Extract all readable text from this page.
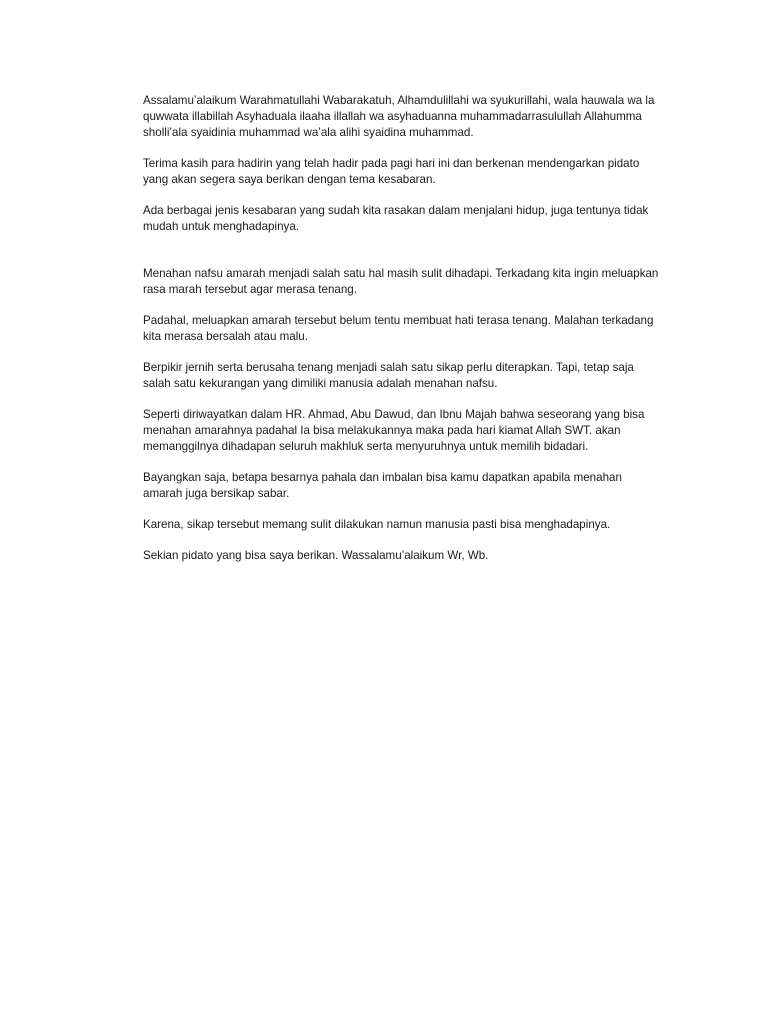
Assalamu’alaikum Warahmatullahi Wabarakatuh, Alhamdulillahi wa syukurillahi, wala hauwala wa la quwwata illabillah Asyhaduala ilaaha illallah wa asyhaduanna muhammadarrasulullah Allahumma sholli’ala syaidinia muhammad wa’ala alihi syaidina muhammad.

Terima kasih para hadirin yang telah hadir pada pagi hari ini dan berkenan mendengarkan pidato yang akan segera saya berikan dengan tema kesabaran.

Ada berbagai jenis kesabaran yang sudah kita rasakan dalam menjalani hidup, juga tentunya tidak mudah untuk menghadapinya.

Menahan nafsu amarah menjadi salah satu hal masih sulit dihadapi. Terkadang kita ingin meluapkan rasa marah tersebut agar merasa tenang.

Padahal, meluapkan amarah tersebut belum tentu membuat hati terasa tenang. Malahan terkadang kita merasa bersalah atau malu.

Berpikir jernih serta berusaha tenang menjadi salah satu sikap perlu diterapkan. Tapi, tetap saja salah satu kekurangan yang dimiliki manusia adalah menahan nafsu.

Seperti diriwayatkan dalam HR. Ahmad, Abu Dawud, dan Ibnu Majah bahwa seseorang yang bisa menahan amarahnya padahal Ia bisa melakukannya maka pada hari kiamat Allah SWT. akan memanggilnya dihadapan seluruh makhluk serta menyuruhnya untuk memilih bidadari.

Bayangkan saja, betapa besarnya pahala dan imbalan bisa kamu dapatkan apabila menahan amarah juga bersikap sabar.

Karena, sikap tersebut memang sulit dilakukan namun manusia pasti bisa menghadapinya.

Sekian pidato yang bisa saya berikan. Wassalamu’alaikum Wr, Wb.
